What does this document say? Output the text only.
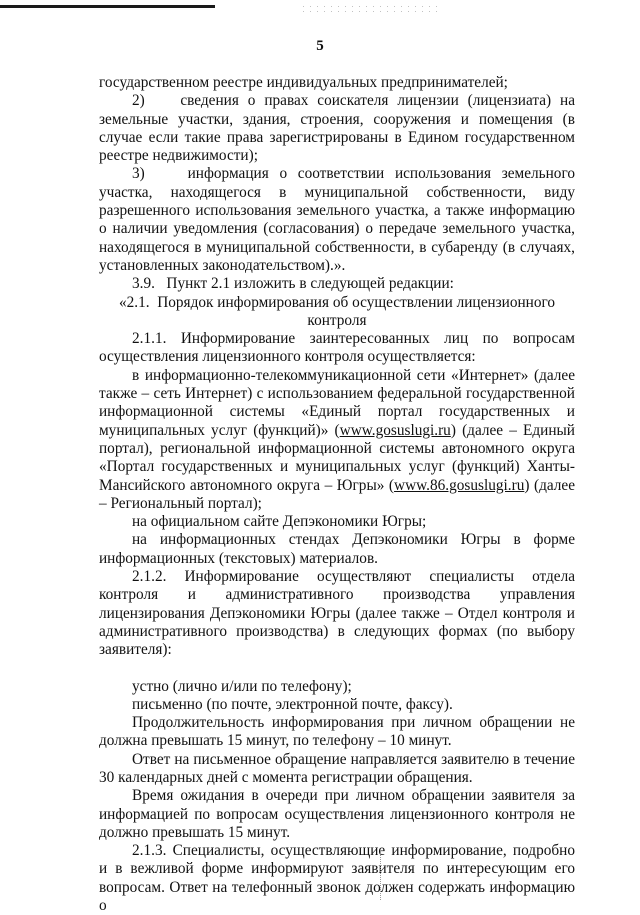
5

государственном реестре индивидуальных предпринимателей;

2)    сведения о правах соискателя лицензии (лицензиата) на земельные участки, здания, строения, сооружения и помещения (в случае если такие права зарегистрированы в Едином государственном реестре недвижимости);

3)    информация о соответствии использования земельного участка, находящегося в муниципальной собственности, виду разрешенного использования земельного участка, а также информацию о наличии уведомления (согласования) о передаче земельного участка, находящегося в муниципальной собственности, в субаренду (в случаях, установленных законодательством).».

3.9.   Пункт 2.1 изложить в следующей редакции:

«2.1.  Порядок информирования об осуществлении лицензионного контроля

2.1.1. Информирование заинтересованных лиц по вопросам осуществления лицензионного контроля осуществляется:

в информационно-телекоммуникационной сети «Интернет» (далее также – сеть Интернет) с использованием федеральной государственной информационной системы «Единый портал государственных и муниципальных услуг (функций)» (www.gosuslugi.ru) (далее – Единый портал), региональной информационной системы автономного округа «Портал государственных и муниципальных услуг (функций) Ханты-Мансийского автономного округа – Югры» (www.86.gosuslugi.ru) (далее – Региональный портал);

на официальном сайте Депэкономики Югры;

на информационных стендах Депэкономики Югры в форме информационных (текстовых) материалов.

2.1.2. Информирование осуществляют специалисты отдела контроля и административного производства управления лицензирования Депэкономики Югры (далее также – Отдел контроля и административного производства) в следующих формах (по выбору заявителя):

устно (лично и/или по телефону);

письменно (по почте, электронной почте, факсу).

Продолжительность информирования при личном обращении не должна превышать 15 минут, по телефону – 10 минут.

Ответ на письменное обращение направляется заявителю в течение 30 календарных дней с момента регистрации обращения.

Время ожидания в очереди при личном обращении заявителя за информацией по вопросам осуществления лицензионного контроля не должно превышать 15 минут.

2.1.3. Специалисты, осуществляющие информирование, подробно и в вежливой форме информируют заявителя по интересующим его вопросам. Ответ на телефонный звонок должен содержать информацию о
